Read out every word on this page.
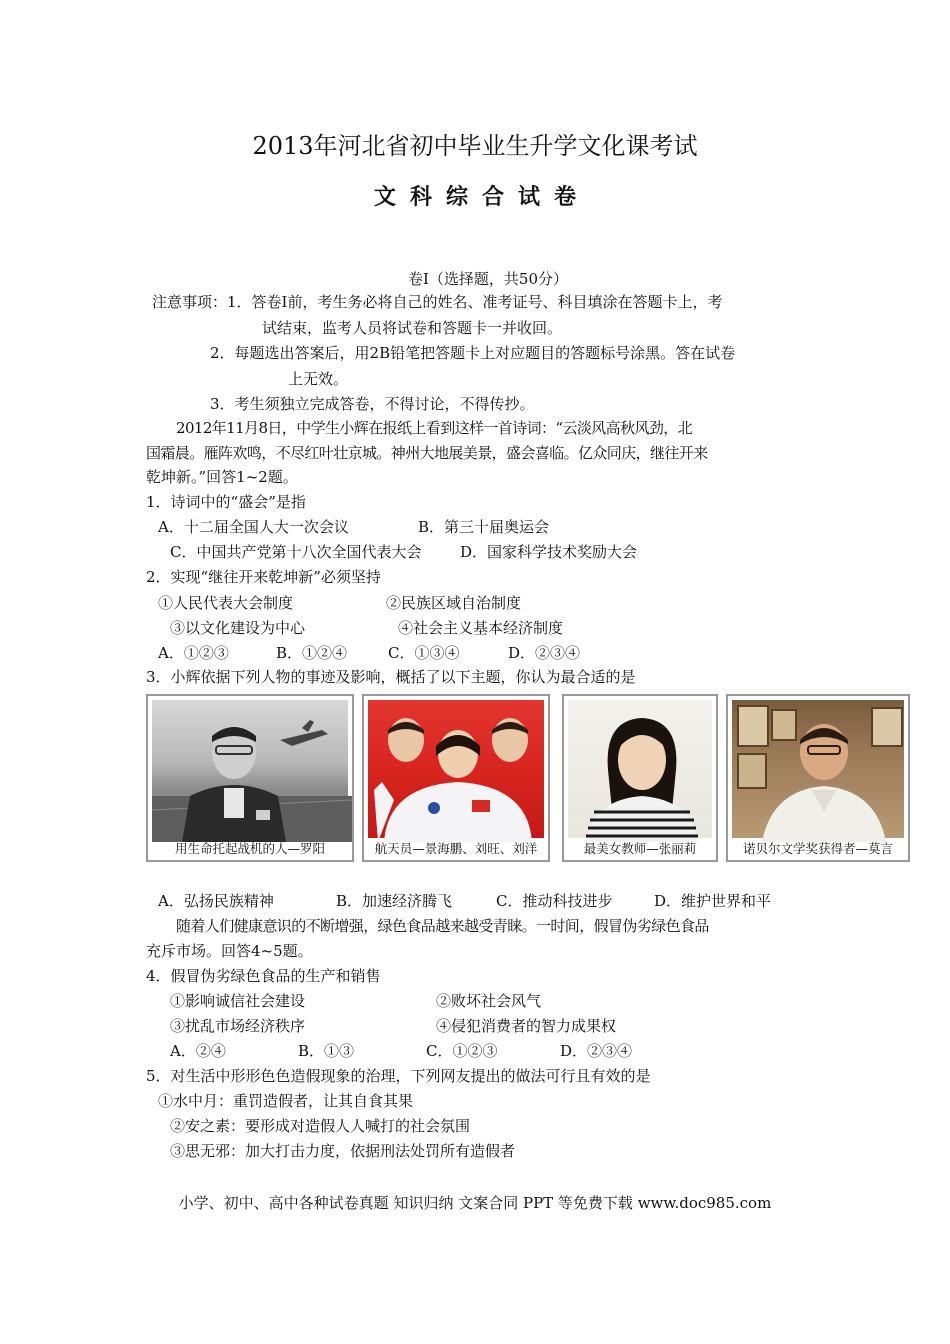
2013年河北省初中毕业生升学文化课考试
文科综合试卷
卷Ⅰ（选择题，共50分）
注意事项：1．答卷Ⅰ前，考生务必将自己的姓名、准考证号、科目填涂在答题卡上，考
试结束，监考人员将试卷和答题卡一并收回。
2．每题选出答案后，用2B铅笔把答题卡上对应题目的答题标号涂黑。答在试卷
上无效。
3．考生须独立完成答卷，不得讨论，不得传抄。
2012年11月8日，中学生小辉在报纸上看到这样一首诗词：“云淡风高秋风劲，北
国霜晨。雁阵欢鸣，不尽红叶壮京城。神州大地展美景，盛会喜临。亿众同庆，继往开来
乾坤新。”回答1~2题。
1．诗词中的“盛会”是指
A．十二届全国人大一次会议	B．第三十届奥运会
C．中国共产党第十八次全国代表大会	D．国家科学技术奖励大会
2．实现“继往开来乾坤新”必须坚持
①人民代表大会制度	②民族区域自治制度
③以文化建设为中心	④社会主义基本经济制度
A．①②③	B．①②④	C．①③④	D．②③④
3．小辉依据下列人物的事迹及影响，概括了以下主题，你认为最合适的是
用生命托起战机的人—罗阳	航天员—景海鹏、刘旺、刘洋	最美女教师—张丽莉	诺贝尔文学奖获得者—莫言
A．弘扬民族精神	B．加速经济腾飞	C．推动科技进步	D．维护世界和平
随着人们健康意识的不断增强，绿色食品越来越受青睐。一时间，假冒伪劣绿色食品
充斥市场。回答4~5题。
4．假冒伪劣绿色食品的生产和销售
①影响诚信社会建设	②败坏社会风气
③扰乱市场经济秩序	④侵犯消费者的智力成果权
A．②④	B．①③	C．①②③	D．②③④
5．对生活中形形色色造假现象的治理，下列网友提出的做法可行且有效的是
①水中月：重罚造假者，让其自食其果
②安之素：要形成对造假人人喊打的社会氛围
③思无邪：加大打击力度，依据刑法处罚所有造假者
小学、初中、高中各种试卷真题 知识归纳 文案合同 PPT 等免费下载 www.doc985.com
